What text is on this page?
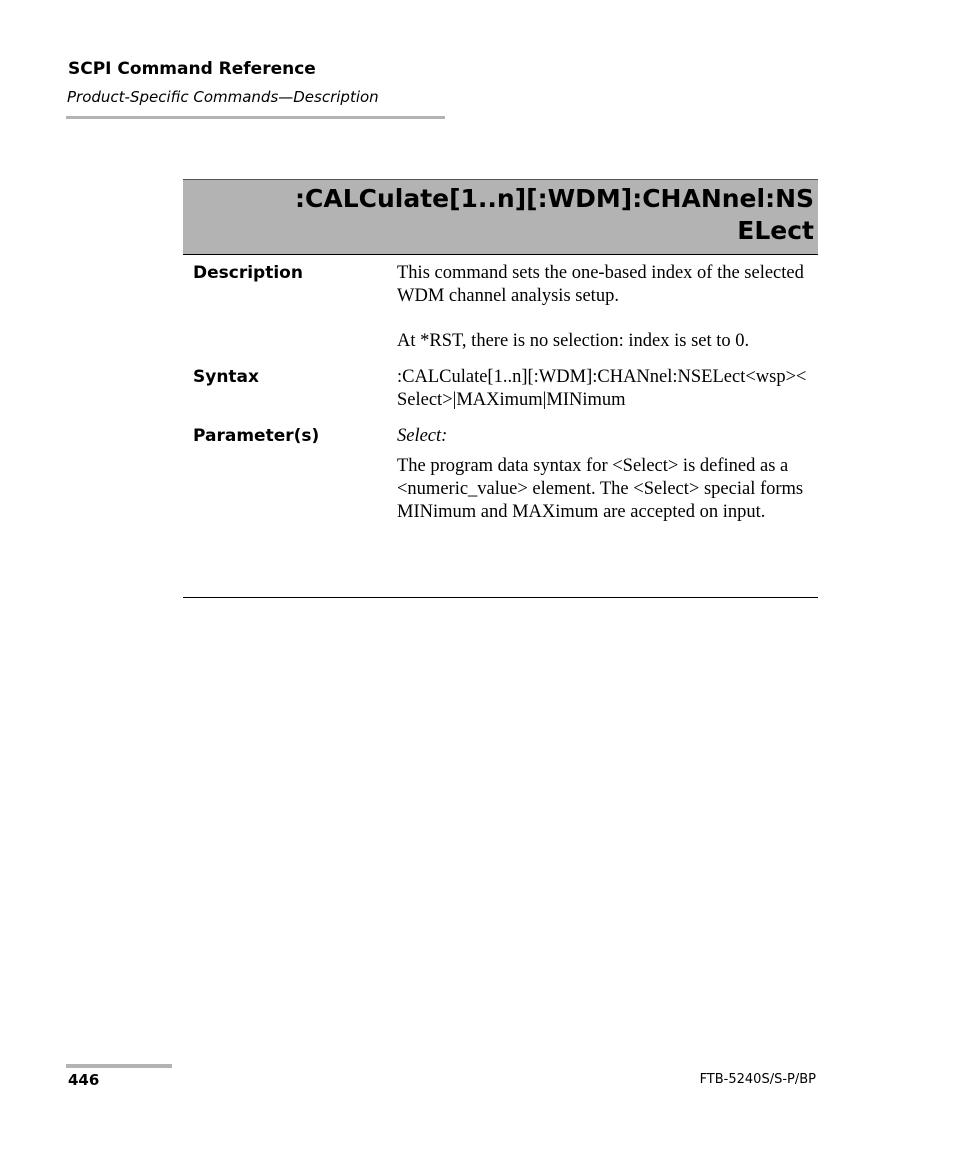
SCPI Command Reference
Product-Specific Commands—Description
:CALCulate[1..n][:WDM]:CHANnel:NSELect
Description	This command sets the one-based index of the selected WDM channel analysis setup.
At *RST, there is no selection: index is set to 0.
Syntax	:CALCulate[1..n][:WDM]:CHANnel:NSELect<wsp><Select>|MAXimum|MINimum
Parameter(s)	Select:
The program data syntax for <Select> is defined as a <numeric_value> element. The <Select> special forms MINimum and MAXimum are accepted on input.
446	FTB-5240S/S-P/BP
